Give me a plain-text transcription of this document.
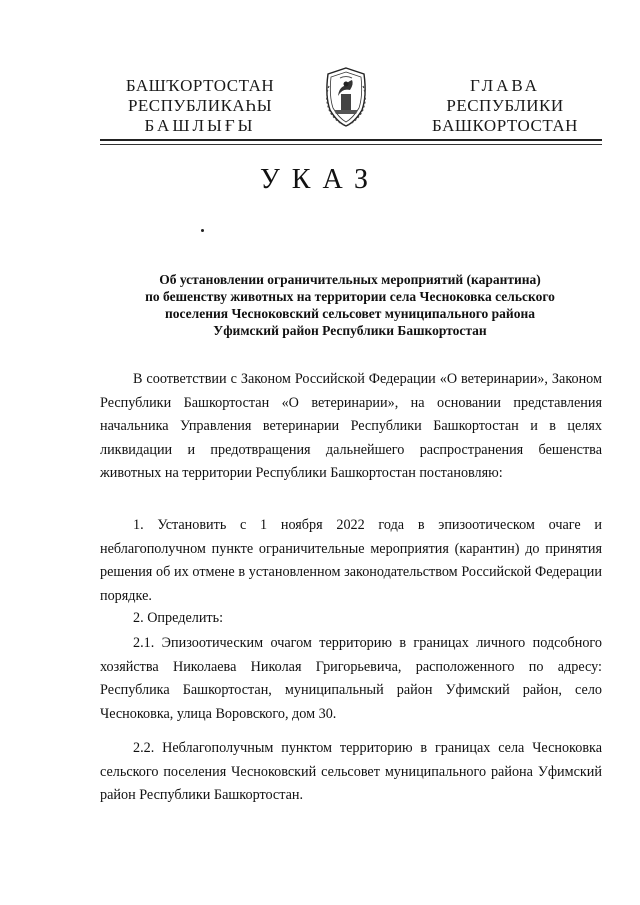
БАШҠОРТОСТАН
РЕСПУБЛИКАҺЫ
БАШЛЫҒЫ
ГЛАВА
РЕСПУБЛИКИ
БАШКОРТОСТАН
УКАЗ
Об установлении ограничительных мероприятий (карантина)
по бешенству животных на территории села Чесноковка сельского
поселения Чесноковский сельсовет муниципального района
Уфимский район Республики Башкортостан

В соответствии с Законом Российской Федерации «О ветеринарии», Законом Республики Башкортостан «О ветеринарии», на основании представления начальника Управления ветеринарии Республики Башкортостан и в целях ликвидации и предотвращения дальнейшего распространения бешенства животных на территории Республики Башкортостан постановляю:

1. Установить с 1 ноября 2022 года в эпизоотическом очаге и неблагополучном пункте ограничительные мероприятия (карантин) до принятия решения об их отмене в установленном законодательством Российской Федерации порядке.

2. Определить:

2.1. Эпизоотическим очагом территорию в границах личного подсобного хозяйства Николаева Николая Григорьевича, расположенного по адресу: Республика Башкортостан, муниципальный район Уфимский район, село Чесноковка, улица Воровского, дом 30.

2.2. Неблагополучным пунктом территорию в границах села Чесноковка сельского поселения Чесноковский сельсовет муниципального района Уфимский район Республики Башкортостан.
